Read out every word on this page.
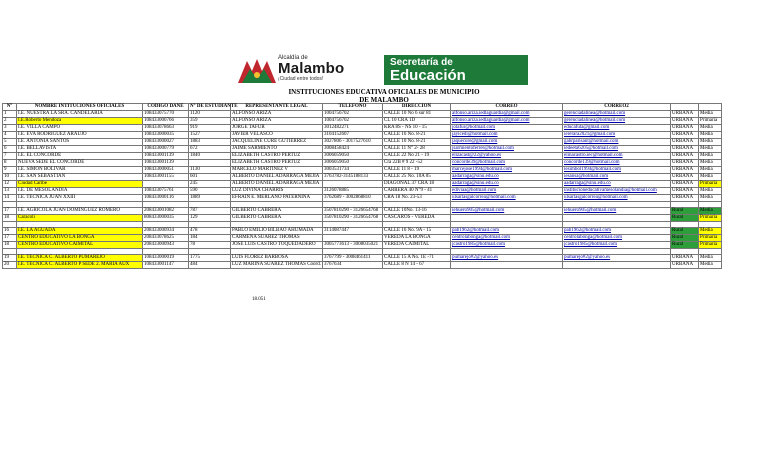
Alcaldía de
Malambo
¡Ciudad entre todos!
Secretaría de
Educación
INSTITUCIONES EDUCATIVA OFICIALES DE MUNICIPIO
DE MALAMBO
N°	NOMBRE INTITUCIONES OFICIALES	CODIGO DANE	N° DE ESTUDIANTE	REPRESENTANTE LEGAL	TELEFONO	DIRECCION	CORREO	CORREO2		
1	I.E. NUESTRA LA SRA. CANDELARIA	108433075770	1120	ALFONSO ARIZA	1004756702	CALLE 10 No 6 sur 81	alfonso.ariza.iedlaguardia@gmail.com	gerenciadalinea@hotmail.com	URBANA	Media
2	I.E.Roberto Mendoza	108433000766	359	ALFONSO ARIZA	1004756702	CL 10 CRA 1D	alfonso.ariza.iedlaguardia@gmail.com	gerenciadalinea@hotmail.com	URBANA	Primaria
3	I.E. VILLA CAMPO	108433078663	919	JORGE TAFUR	3012482271	KRA 8S - NS 10 - 15	jotafur@hotmail.com	educafuta@gmail.com	URBANA	Media
4	I.E. EVA RODRIGUEZ ARAUJO	108433000035	1527	JAVIER VELASCO	3104152607	CALLE 16 No. 8-21	jayicedi@hotmail.com	iererara2021@gmail.com	URBANA	Media
5	I.E. ANTONIA SANTOS	108433000027	1883	JACQUELINE CURE GUTIERREZ	3027806 - 3017527610	CALLE 10 No. 8-21	jaquecure@gmail.com	gabrparisant@hotmail.com	URBANA	Media
6	I.E. BELLAVISTA	108433000779	672	JAIME SARMIENTO	3008458424	CALLE 11 N° 2- 28	jsarmientoferrer@hotmail.com	iedeeta6205@hotmail.com	URBANA	Media
7	I.E. EL CONCORDE	108433001139	1840	ELIZABETH CASTRO PERTUZ	3006059050	CALLE 22 No 21 - 19	elizacast@22@yahoo.es	elinacastro.iec@hotmail.com	URBANA	Media
8	NUEVA SEDE EL CONCORDE	108433001139		ELIZABETH CASTRO PERTUZ	3006059050	Cra 22B # 9 22 -52	concorde39@hotmail.com	concorde139@hotmail.com	URBANA	Media
9	I.E. SIMON BOLIVAR	108433000051	1130	MARCELO MARTINEZ V	3003531734	CALLE 11 8 - 19	marcejose1994@hotmail.com	iesimbol1994@hotmail.com	URBANA	Media
10	I.E. SAN SEBASTIAN	108433001155	601	ALBERTO DANIEL ADARRAGA MEJIA	3763782-3145188133	CALLE 25 No. 10A 05	aadarraga@sinu.edu.co	iesansa@hotmail.com	URBANA	Media
12	Ciudad Caribe		245	ALBERTO DANIEL ADARRAGA MEJIA		DIAGONAL 37 CRA 18	aadarraga@sinu.edu.co	aadarraga@sinu.edu.co	URBANA	Primaria
13	I.E. DE MESOLANDIA	108433075761	590	LUZ DIVINA CHARRIS	3126078885	CARRERA 40 N°9 - 41	ediviaa@hotmail.com	institucioneducativamesolandia@hotmail.com	URBANA	Media
14	I.E. TECNICA JUAN XXIII	108433000116	1889	EFRAIN E. MERLANO PATERNINA	3762689 - 3002868810	CRA 18 No. 23-53	ulsarlasgalcorrea@hotmail.com	ulsarlasgalcorrea@hotmail.com	URBANA	Media

17	I.E. AGRICOLA JUAN DOMINGUEZ ROMERO	208433001082	787	GILBERTO CABRERA	3507810290 - 3126654768	CALLE 10No. 13-16	iehuero905@hotmail.com	iehuero905@hotmail.com	Rural	Media
18	Caracoli	808433000035	129	GILBERTO CABRERA	3507810290 - 3126654768	CASCAROS - VEREDA			Rural	Primaria

16	I.E. LA AGUADA	208433000934	478	PABLO EMILIO BILBAO AHUMADA	3114087447	CALLE 16 No. 9A - 15	pab1962@hotmail.com	pab1962@hotmail.com	Rural	Media
17	CENTRO EDUCATIVO LA BONGA	208433078625	184	CARMENA SUAREZ THOMAS		VEREDA LA BONGA	centrolabonga@hotmail.com	centrolabonga@hotmail.com	Rural	Primaria
18	CENTRO EDUCATIVO CAIMITAL	208433000943	78	JOSE LUIS CASTRO TOQUEDADERO	3005773613 - 3008035021	VEREDA CAIMITAL	jcastro1985@hotmail.com	jcastro1985@hotmail.com	Rural	Primaria

19	I.E. TECNICA C. ALBERTO PUMAREJO	108433000019	1775	LUIS FLOREZ BARBOSA	3767799 - 3008461411	CALLE 15 A No. 1E -71	pumarejo#2@yahoo.es	pumarejo#2@yahoo.es	URBANA	Media
20	I.E. TECNICA C. ALBERTO P SEDE 2. MARIA AUX	108433001147	484	LUZ MARINA SUAREZ THOMAS Coord.	3767634	CALLE 8 N 14 - 67			URBANA	Media
18.051
